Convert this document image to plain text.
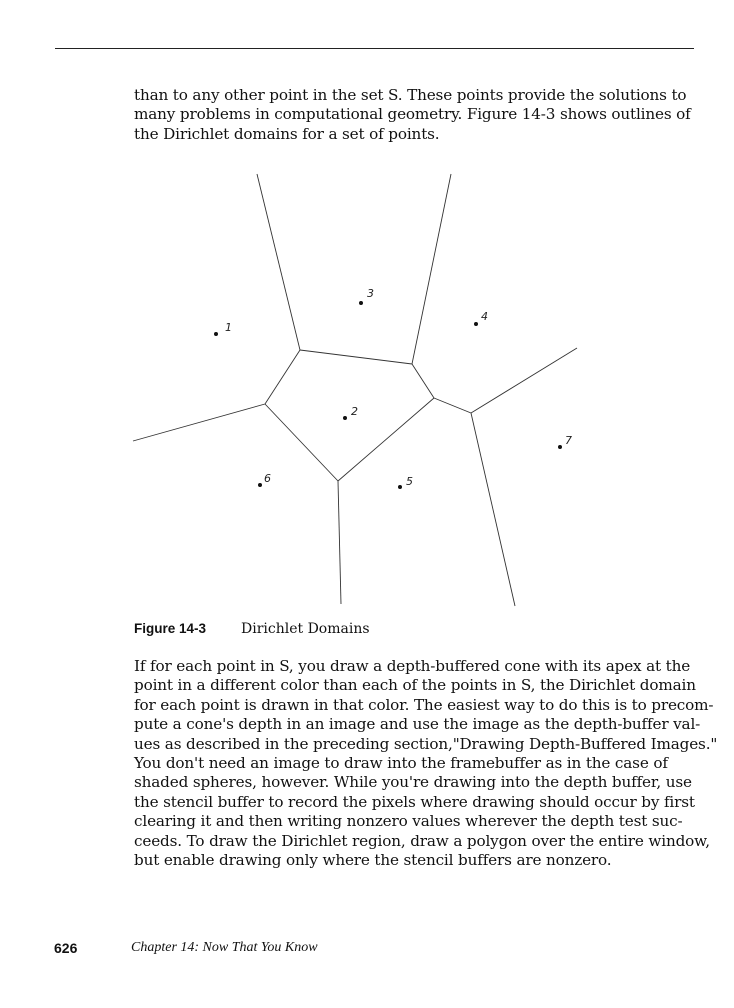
than to any other point in the set S. These points provide the solutions to
many problems in computational geometry. Figure 14-3 shows outlines of
the Dirichlet domains for a set of points.
1
2
3
4
5
6
7
Figure 14-3 Dirichlet Domains
If for each point in S, you draw a depth-buffered cone with its apex at the
point in a different color than each of the points in S, the Dirichlet domain
for each point is drawn in that color. The easiest way to do this is to precom-
pute a cone's depth in an image and use the image as the depth-buffer val-
ues as described in the preceding section,"Drawing Depth-Buffered Images."
You don't need an image to draw into the framebuffer as in the case of
shaded spheres, however. While you're drawing into the depth buffer, use
the stencil buffer to record the pixels where drawing should occur by first
clearing it and then writing nonzero values wherever the depth test suc-
ceeds. To draw the Dirichlet region, draw a polygon over the entire window,
but enable drawing only where the stencil buffers are nonzero.
626	Chapter 14: Now That You Know
